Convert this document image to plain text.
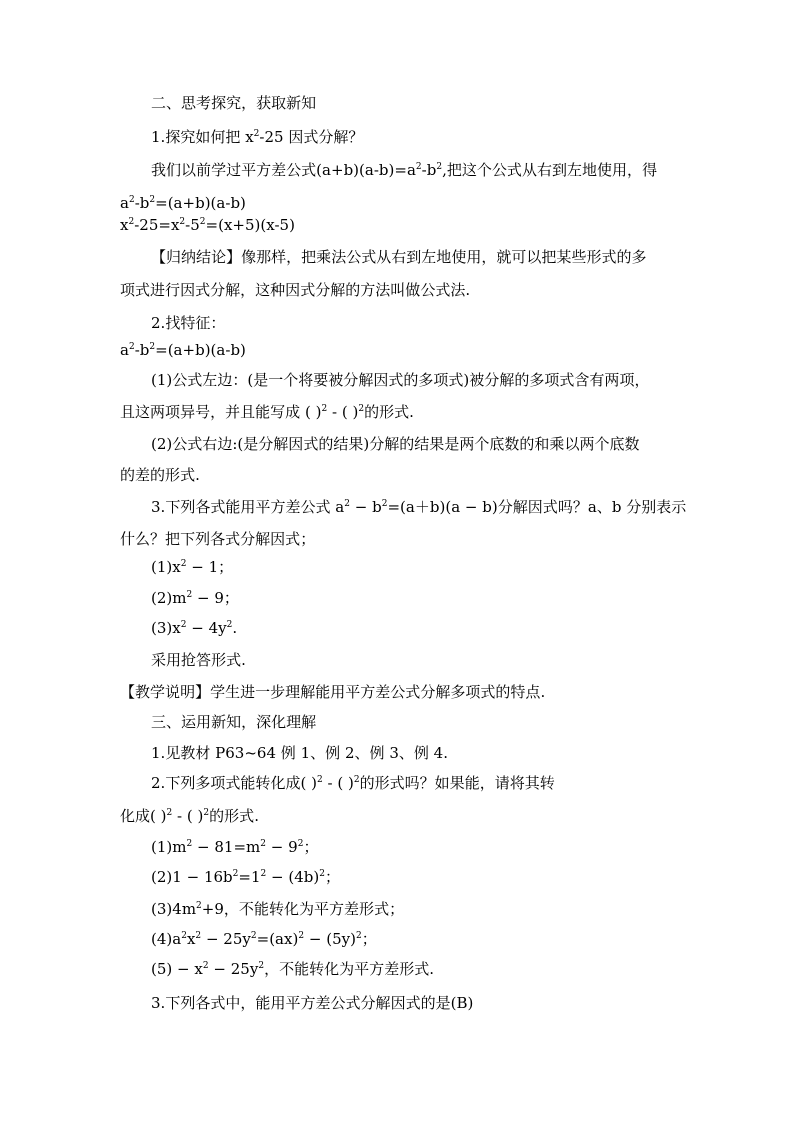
二、思考探究，获取新知
1.探究如何把 $x^2-25$ 因式分解？
我们以前学过平方差公式$(a+b)(a-b)=a^2-b^2$,把这个公式从右到左地使用，得
$a^2-b^2=(a+b)(a-b)$
$x^2-25=x^2-5^2=(x+5)(x-5)$
【归纳结论】像那样，把乘法公式从右到左地使用，就可以把某些形式的多
项式进行因式分解，这种因式分解的方法叫做公式法.
2.找特征：
$a^2-b^2=(a+b)(a-b)$
(1)公式左边：(是一个将要被分解因式的多项式)被分解的多项式含有两项，
且这两项异号，并且能写成 ( )$^2$ - ( )$^2$的形式.
(2)公式右边:(是分解因式的结果)分解的结果是两个底数的和乘以两个底数
的差的形式.
3.下列各式能用平方差公式 $a^2 - b^2=(a+b)(a - b)$分解因式吗？a、b 分别表示
什么？把下列各式分解因式；
$(1)x^2 - 1$；
$(2)m^2 - 9$；
$(3)x^2 - 4y^2$.
采用抢答形式.
【教学说明】学生进一步理解能用平方差公式分解多项式的特点.
三、运用新知，深化理解
1.见教材 P63~64 例 1、例 2、例 3、例 4.
2.下列多项式能转化成( )$^2$ - ( )$^2$的形式吗？如果能，请将其转
化成( )$^2$ - ( )$^2$的形式.
$(1)m^2 - 81=m^2 - 9^2$；
$(2)1 - 16b^2=1^2 - (4b)^2$；
$(3)4m^2+9$，不能转化为平方差形式；
$(4)a^2x^2 - 25y^2=(ax)^2 - (5y)^2$；
$(5) - x^2 - 25y^2$，不能转化为平方差形式.
3.下列各式中，能用平方差公式分解因式的是(B)
